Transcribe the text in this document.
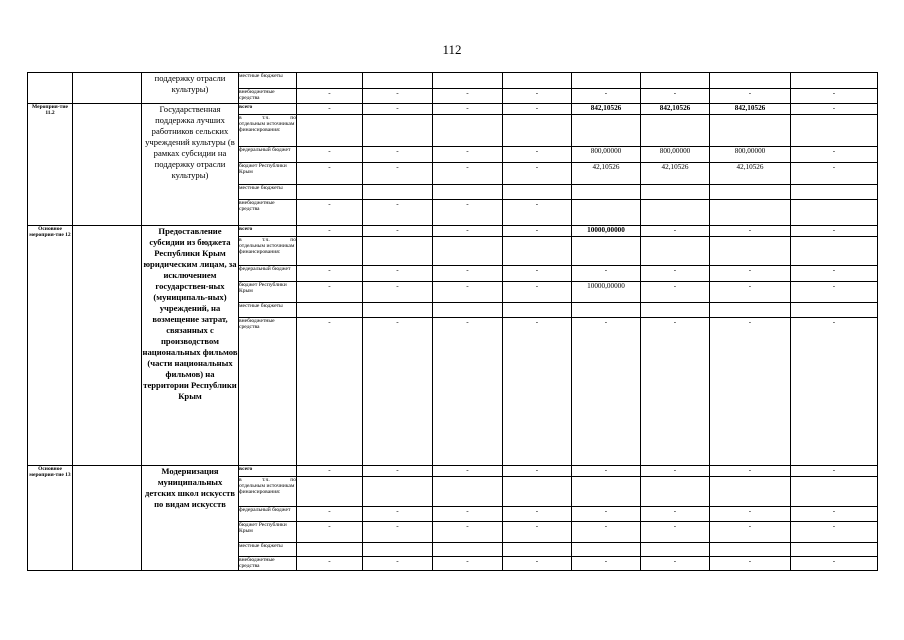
112
		поддержку отрасли культуры)	местные бюджеты									
			внебюджетные средства	-	-	-	-	-	-	-	-	
Мероприя-тие 11.2		Государственная поддержка лучших работников сельских учреждений культуры (в рамках субсидии на поддержку отрасли культуры)	всего	-	-	-	-	842,10526	842,10526	842,10526	-	

			в т.ч. по
отдельным источникам финансирования:									
			федеральный бюджет	-	-	-	-	800,00000	800,00000	800,00000	-	
			бюджет Республики Крым	-	-	-	-	42,10526	42,10526	42,10526	-	
			местные бюджеты									
			внебюджетные средства	-	-	-	-					
Основное мероприя-тие 12		Предоставление субсидии из бюджета Республики Крым юридическим лицам, за исключением государствен-ных (муниципаль-ных) учреждений, на возмещение затрат, связанных с производством национальных фильмов (части национальных фильмов) на территории Республики Крым	всего	-	-	-	-	10000,00000	-	-	-	

			в т.ч. по
отдельным источникам финансирования:									
			федеральный бюджет	-	-	-	-	-	-	-	-	
			бюджет Республики Крым	-	-	-	-	10000,00000	-	-	-	
			местные бюджеты									
			внебюджетные средства	-	-	-	-	-	-	-	-	
Основное мероприя-тие 13		Модернизация муниципальных детских школ искусств по видам искусств	всего	-	-	-	-	-	-	-	-	

			в т.ч. по
отдельным источникам финансирования:									
			федеральный бюджет	-	-	-	-	-	-	-	-	
			бюджет Республики Крым	-	-	-	-	-	-	-	-	
			местные бюджеты									
			внебюджетные средства	-	-	-	-	-	-	-	-	
